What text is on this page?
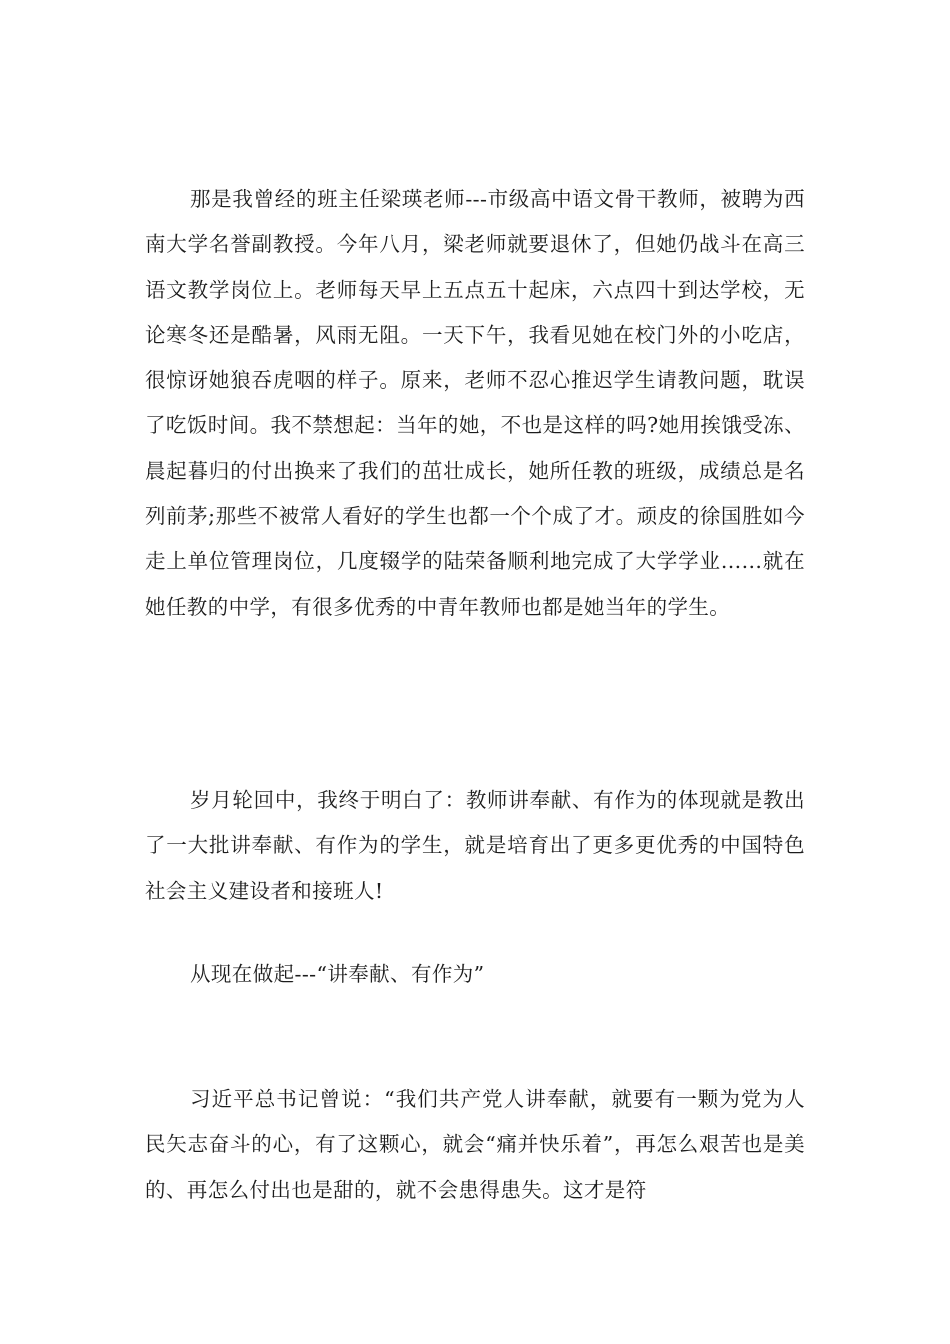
那是我曾经的班主任梁瑛老师---市级高中语文骨干教师，被聘为西南大学名誉副教授。今年八月，梁老师就要退休了，但她仍战斗在高三语文教学岗位上。老师每天早上五点五十起床，六点四十到达学校，无论寒冬还是酷暑，风雨无阻。一天下午，我看见她在校门外的小吃店，很惊讶她狼吞虎咽的样子。原来，老师不忍心推迟学生请教问题，耽误了吃饭时间。我不禁想起：当年的她，不也是这样的吗?她用挨饿受冻、晨起暮归的付出换来了我们的茁壮成长，她所任教的班级，成绩总是名列前茅;那些不被常人看好的学生也都一个个成了才。顽皮的徐国胜如今走上单位管理岗位，几度辍学的陆荣备顺利地完成了大学学业......就在她任教的中学，有很多优秀的中青年教师也都是她当年的学生。

岁月轮回中，我终于明白了：教师讲奉献、有作为的体现就是教出了一大批讲奉献、有作为的学生，就是培育出了更多更优秀的中国特色社会主义建设者和接班人!

从现在做起---“讲奉献、有作为”

习近平总书记曾说：“我们共产党人讲奉献，就要有一颗为党为人民矢志奋斗的心，有了这颗心，就会“痛并快乐着”，再怎么艰苦也是美的、再怎么付出也是甜的，就不会患得患失。这才是符
